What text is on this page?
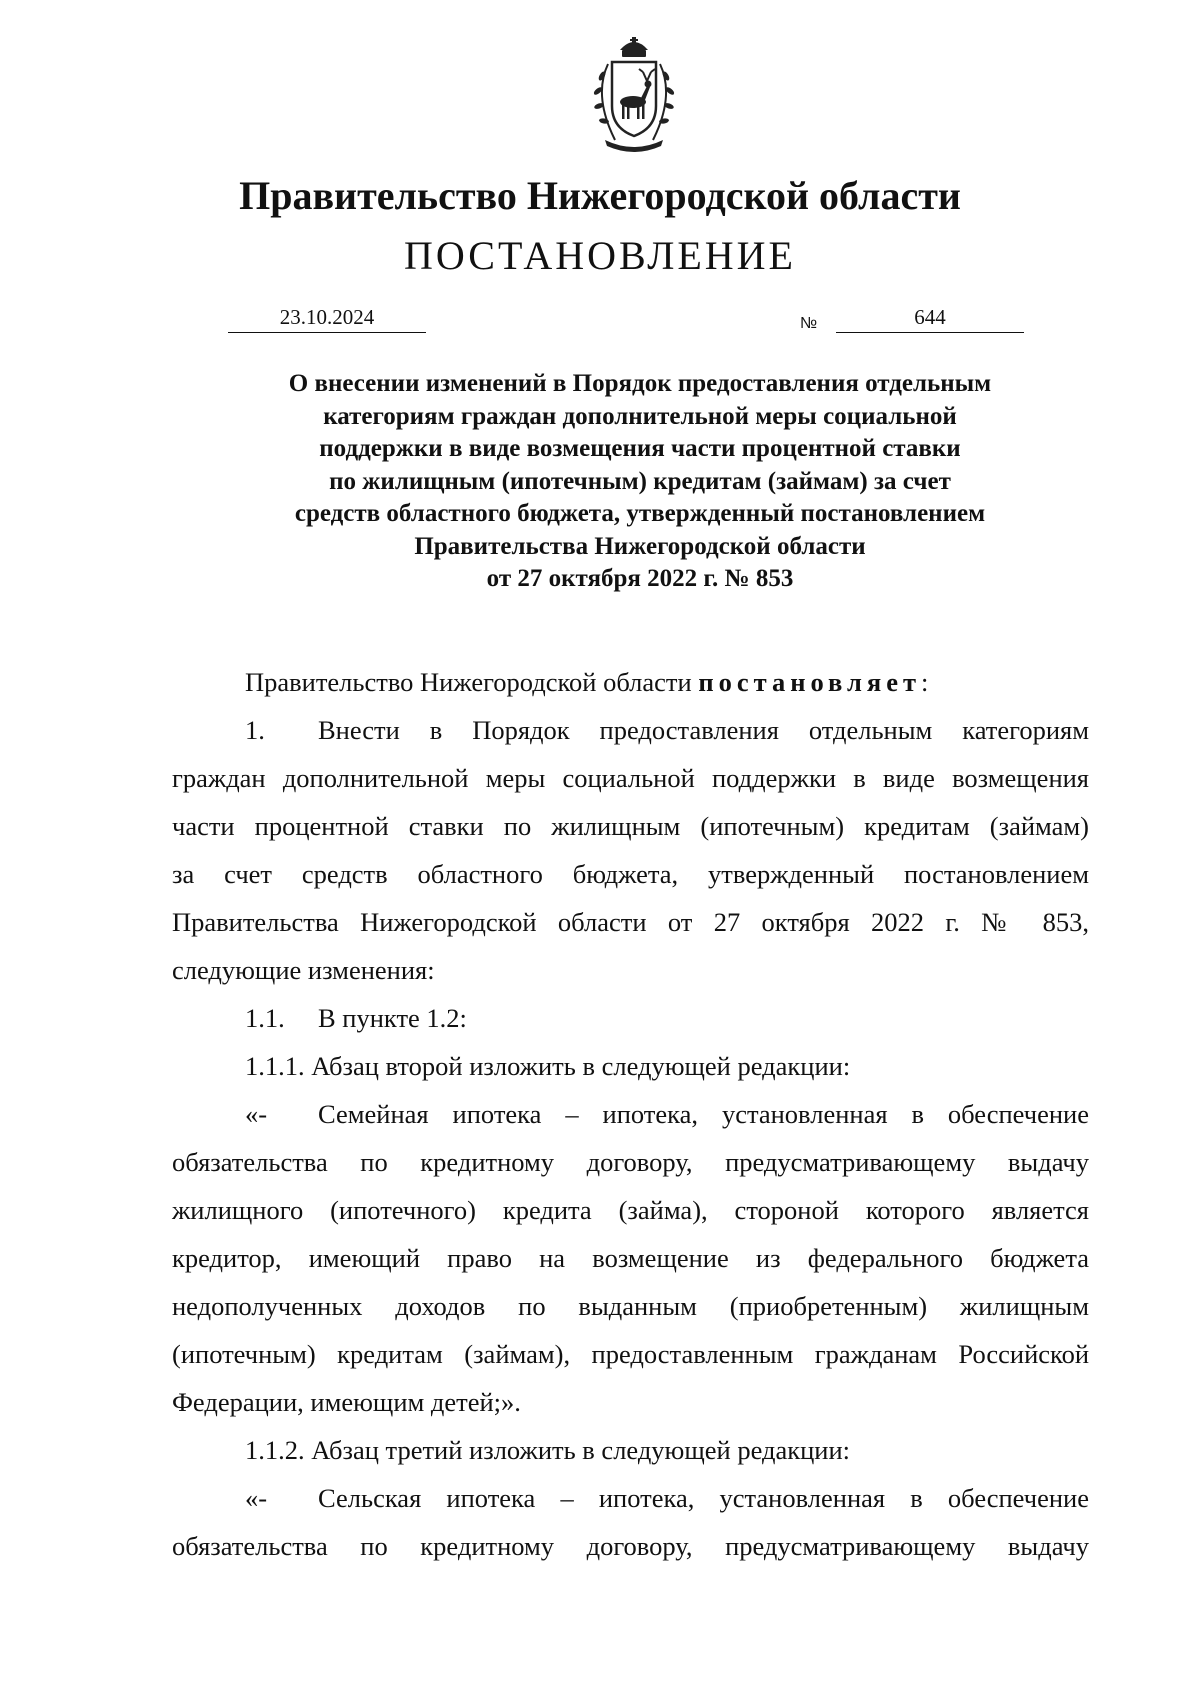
Правительство Нижегородской области
ПОСТАНОВЛЕНИЕ
23.10.2024	№	644
О внесении изменений в Порядок предоставления отдельным
категориям граждан дополнительной меры социальной
поддержки в виде возмещения части процентной ставки
по жилищным (ипотечным) кредитам (займам) за счет
средств областного бюджета, утвержденный постановлением
Правительства Нижегородской области
от 27 октября 2022 г. № 853
Правительство Нижегородской области постановляет:
1. Внести в Порядок предоставления отдельным категориям
граждан дополнительной меры социальной поддержки в виде возмещения
части процентной ставки по жилищным (ипотечным) кредитам (займам)
за счет средств областного бюджета, утвержденный постановлением
Правительства Нижегородской области от 27 октября 2022 г. № 853,
следующие изменения:
1.1. В пункте 1.2:
1.1.1. Абзац второй изложить в следующей редакции:
«- Семейная ипотека – ипотека, установленная в обеспечение
обязательства по кредитному договору, предусматривающему выдачу
жилищного (ипотечного) кредита (займа), стороной которого является
кредитор, имеющий право на возмещение из федерального бюджета
недополученных доходов по выданным (приобретенным) жилищным
(ипотечным) кредитам (займам), предоставленным гражданам Российской
Федерации, имеющим детей;».
1.1.2. Абзац третий изложить в следующей редакции:
«- Сельская ипотека – ипотека, установленная в обеспечение
обязательства по кредитному договору, предусматривающему выдачу
